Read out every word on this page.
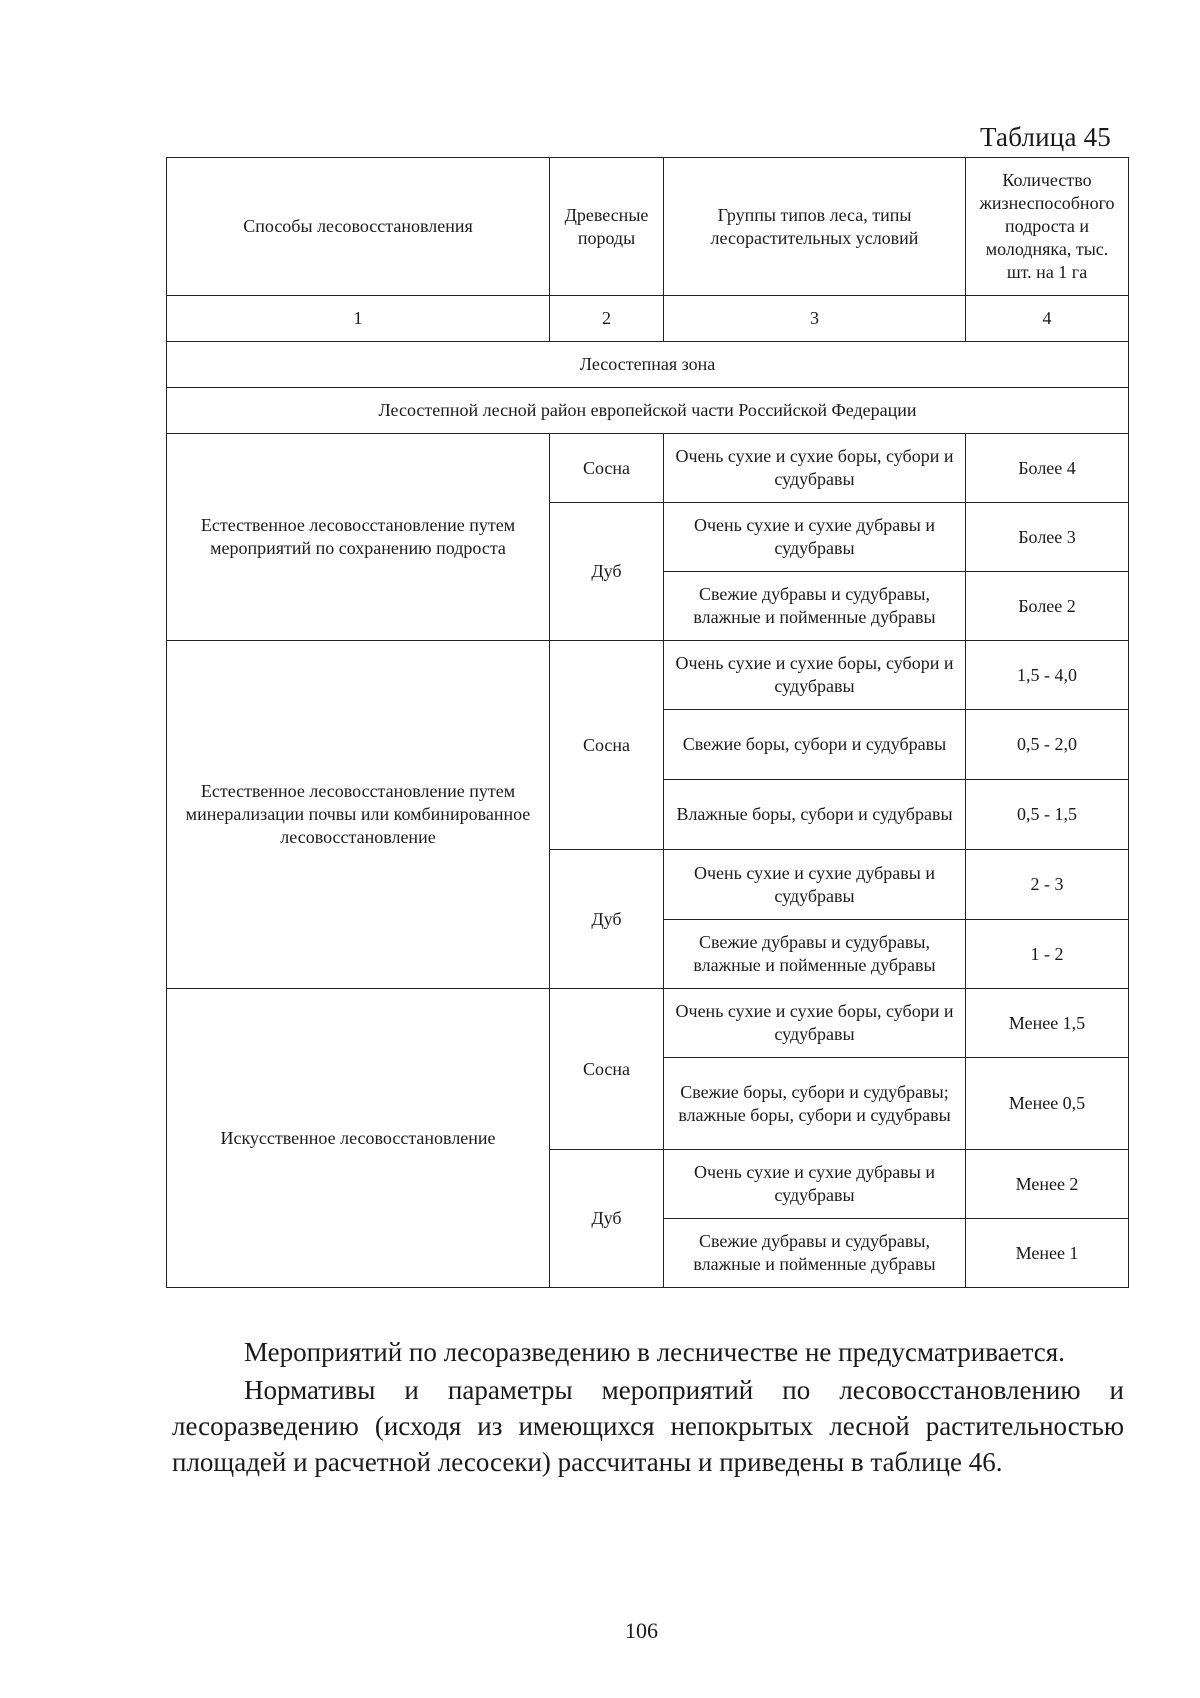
Таблица 45
Способы лесовосстановления	Древесные породы	Группы типов леса, типы лесорастительных условий	Количество жизнеспособного подроста и молодняка, тыс. шт. на 1 га
1	2	3	4
Лесостепная зона			
Лесостепной лесной район европейской части Российской Федерации			
Естественное лесовосстановление путем мероприятий по сохранению подроста	Сосна	Очень сухие и сухие боры, субори и судубравы	Более 4
	Дуб	Очень сухие и сухие дубравы и судубравы	Более 3
		Свежие дубравы и судубравы, влажные и пойменные дубравы	Более 2
Естественное лесовосстановление путем минерализации почвы или комбинированное лесовосстановление	Сосна	Очень сухие и сухие боры, субори и судубравы	1,5 - 4,0
		Свежие боры, субори и судубравы	0,5 - 2,0
		Влажные боры, субори и судубравы	0,5 - 1,5
	Дуб	Очень сухие и сухие дубравы и судубравы	2 - 3
		Свежие дубравы и судубравы, влажные и пойменные дубравы	1 - 2
Искусственное лесовосстановление	Сосна	Очень сухие и сухие боры, субори и судубравы	Менее 1,5
		Свежие боры, субори и судубравы; влажные боры, субори и судубравы	Менее 0,5
	Дуб	Очень сухие и сухие дубравы и судубравы	Менее 2
		Свежие дубравы и судубравы, влажные и пойменные дубравы	Менее 1

Мероприятий по лесоразведению в лесничестве не предусматривается.

Нормативы и параметры мероприятий по лесовосстановлению и лесоразведению (исходя из имеющихся непокрытых лесной растительностью площадей и расчетной лесосеки) рассчитаны и приведены в таблице 46.

106
